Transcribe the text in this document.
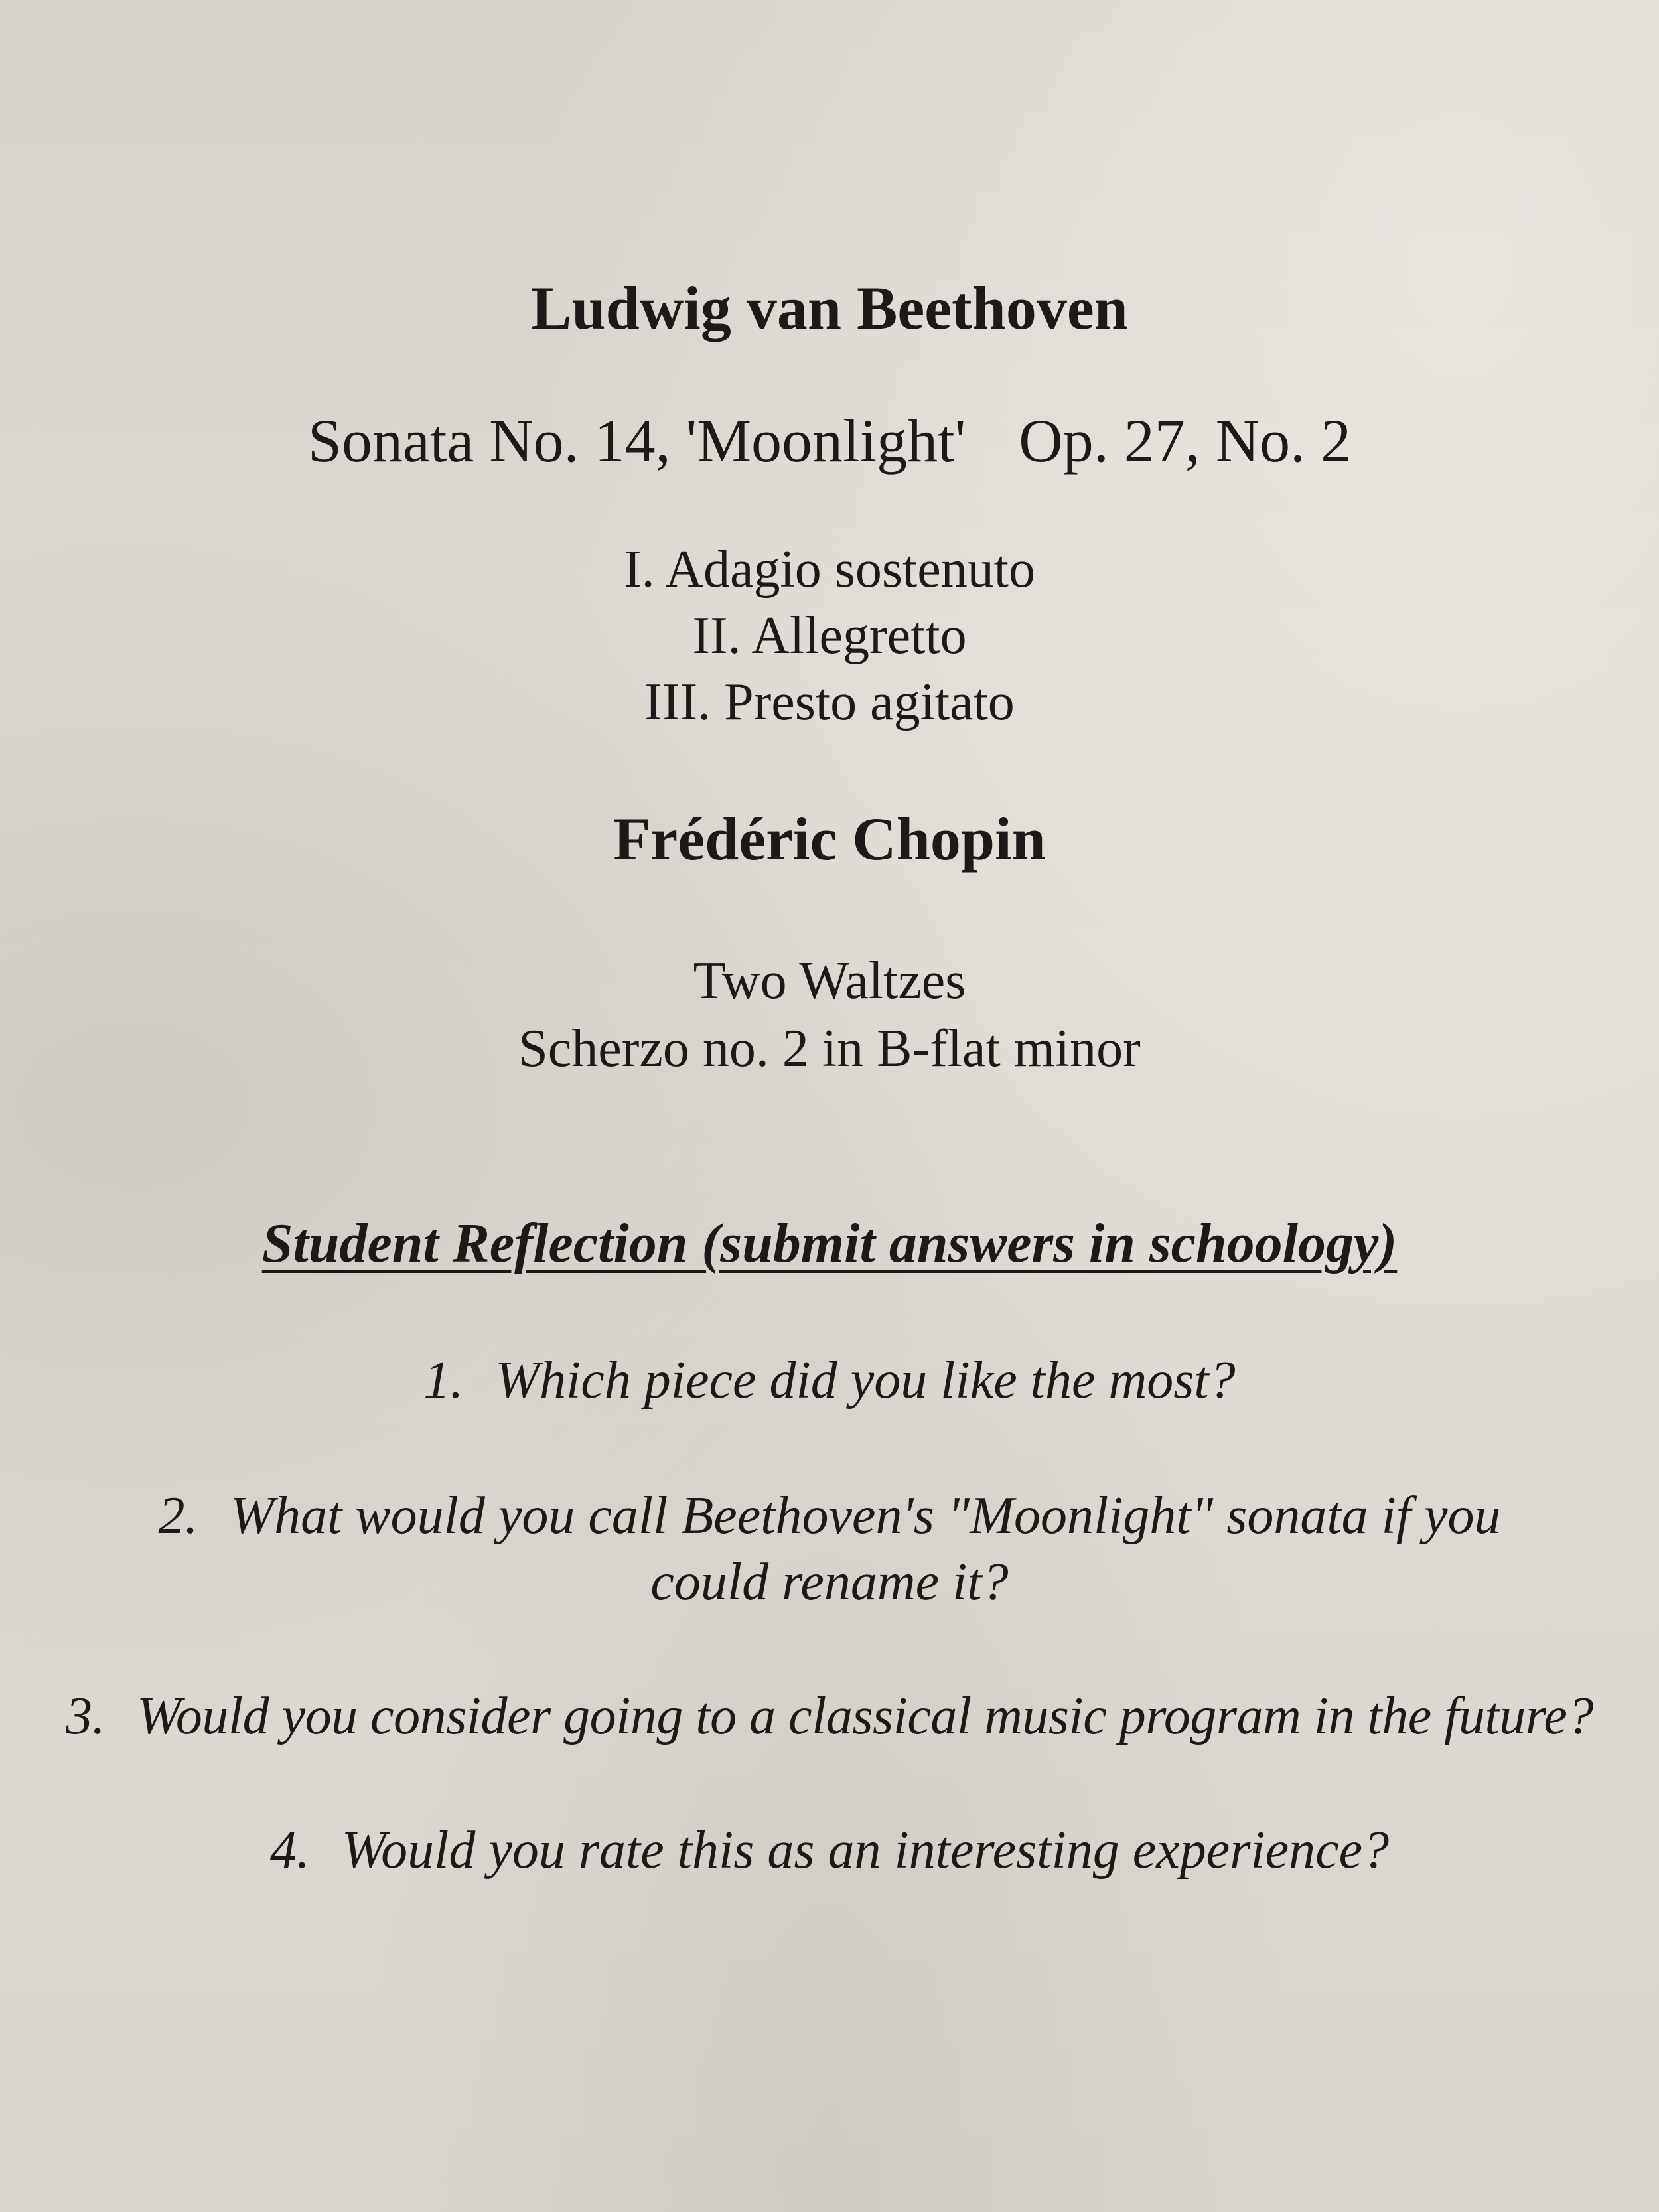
Ludwig van Beethoven
Sonata No. 14, 'Moonlight' Op. 27, No. 2
I. Adagio sostenuto
II. Allegretto
III. Presto agitato
Frédéric Chopin
Two Waltzes
Scherzo no. 2 in B-flat minor
Student Reflection (submit answers in schoology)
1. Which piece did you like the most?
2. What would you call Beethoven's "Moonlight" sonata if you
could rename it?
3. Would you consider going to a classical music program in the future?
4. Would you rate this as an interesting experience?
